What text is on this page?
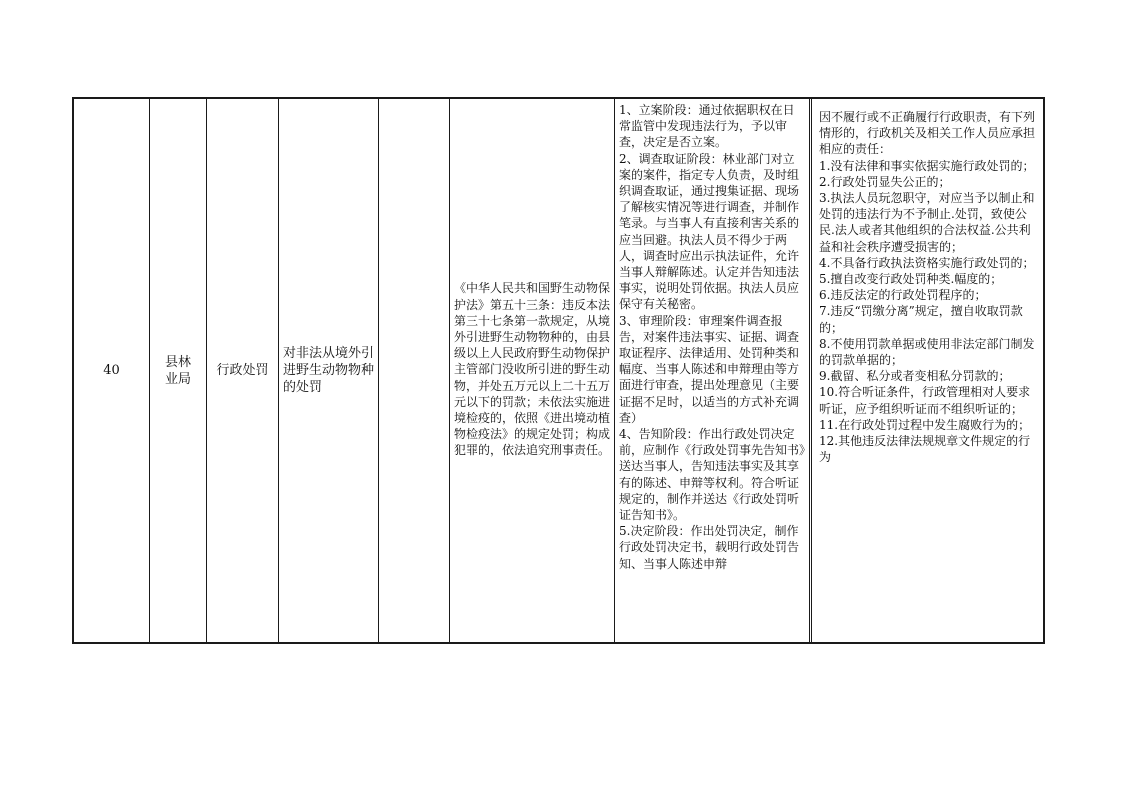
40
县林业局
行政处罚
对非法从境外引进野生动物物种的处罚
《中华人民共和国野生动物保护法》第五十三条：违反本法第三十七条第一款规定，从境外引进野生动物物种的，由县级以上人民政府野生动物保护主管部门没收所引进的野生动物，并处五万元以上二十五万元以下的罚款；未依法实施进境检疫的，依照《进出境动植物检疫法》的规定处罚；构成犯罪的，依法追究刑事责任。
1、立案阶段：通过依据职权在日常监管中发现违法行为，予以审查，决定是否立案。
2、调查取证阶段：林业部门对立案的案件，指定专人负责，及时组织调查取证，通过搜集证据、现场了解核实情况等进行调查，并制作笔录。与当事人有直接利害关系的应当回避。执法人员不得少于两人，调查时应出示执法证件，允许当事人辩解陈述。认定并告知违法事实，说明处罚依据。执法人员应保守有关秘密。
3、审理阶段：审理案件调查报告，对案件违法事实、证据、调查取证程序、法律适用、处罚种类和幅度、当事人陈述和申辩理由等方面进行审查，提出处理意见（主要证据不足时，以适当的方式补充调查）
4、告知阶段：作出行政处罚决定前，应制作《行政处罚事先告知书》送达当事人，告知违法事实及其享有的陈述、申辩等权利。符合听证规定的，制作并送达《行政处罚听证告知书》。
5.决定阶段：作出处罚决定，制作行政处罚决定书，载明行政处罚告知、当事人陈述申辩
因不履行或不正确履行行政职责，有下列情形的，行政机关及相关工作人员应承担相应的责任：
1.没有法律和事实依据实施行政处罚的；
2.行政处罚显失公正的；
3.执法人员玩忽职守，对应当予以制止和处罚的违法行为不予制止.处罚，致使公民.法人或者其他组织的合法权益.公共利益和社会秩序遭受损害的；
4.不具备行政执法资格实施行政处罚的；
5.擅自改变行政处罚种类.幅度的；
6.违反法定的行政处罚程序的；
7.违反“罚缴分离”规定，擅自收取罚款的；
8.不使用罚款单据或使用非法定部门制发的罚款单据的；
9.截留、私分或者变相私分罚款的；
10.符合听证条件，行政管理相对人要求听证，应予组织听证而不组织听证的；
11.在行政处罚过程中发生腐败行为的；
12.其他违反法律法规规章文件规定的行为
